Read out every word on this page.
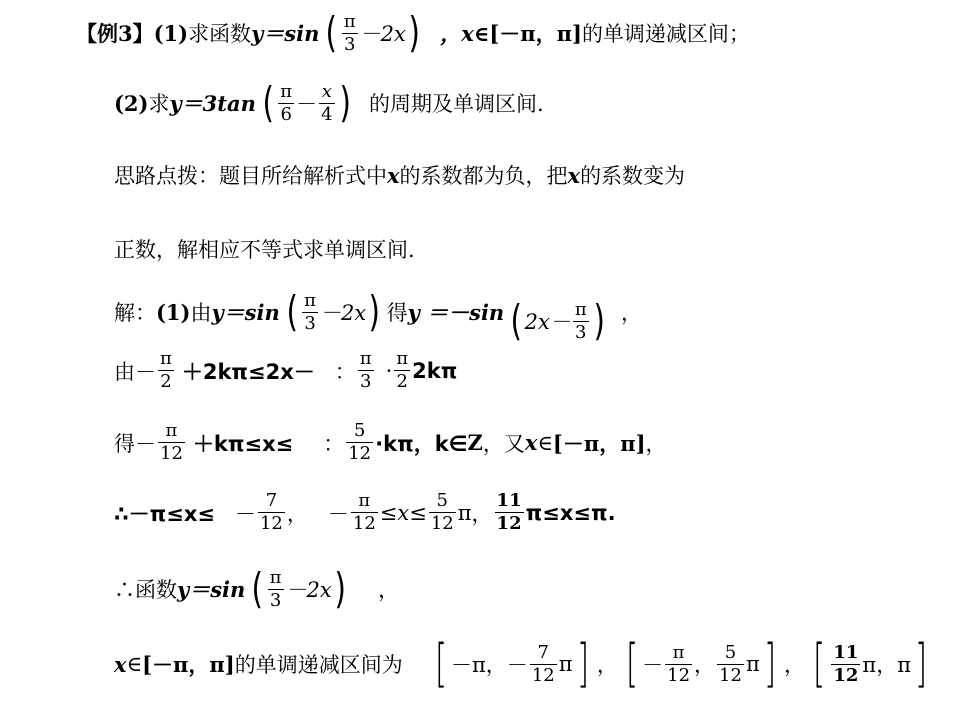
【例3】 (1) 求函数 y＝sin ( $\frac{\pi}{3} -2x$ ) ，x∈ [－π，π] 的单调递减区间；
(2) 求 y＝3tan ( $\frac{\pi}{6} - \frac{x}{4}$ ) 的周期及单调区间.
思路点拨：题目所给解析式中 x 的系数都为负，把 x 的系数变为
正数，解相应不等式求单调区间.
解： (1) 由 y＝sin ( $\frac{\pi}{3} -2x$ ) 得 y ＝－sin ( $2x- \frac{\pi}{3}$ ) ，
由－ $\frac{\pi}{2} +2k\pi\le 2x-$ ： $\frac{\pi}{3} \cdot \frac{\pi}{2} 2k\pi$
得－ $\frac{\pi}{12} +k\pi\le x\le$ ： $\frac{5}{12} \cdot k\pi$，k∈ Z ，又 x ∈ [－π，π] ，
∴－π≤x≤ － $\frac{7}{12}$ ， － $\frac{\pi}{12} \le x\le \frac{5}{12}$ π ， $\frac{11}{12} \pi\le x\le\pi$.
∴函数 y＝sin ( $\frac{\pi}{3} -2x$ ) ，
x ∈ [－π，π] 的单调递减区间为 [ －π，－ $\frac{7}{12}$ π ] ， [ － $\frac{\pi}{12}$ ， $\frac{5}{12}$ π ] ， [ $\frac{11}{12}$ π，π ]
